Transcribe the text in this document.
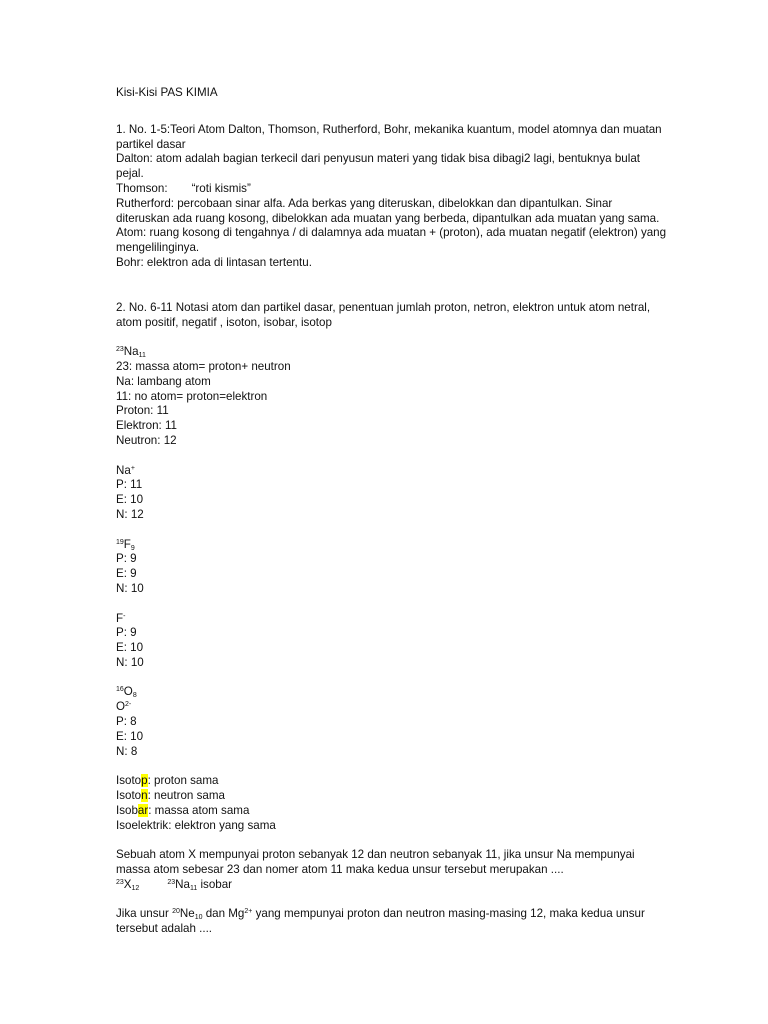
Kisi-Kisi PAS KIMIA
1. No. 1-5:Teori Atom Dalton, Thomson, Rutherford, Bohr, mekanika kuantum, model atomnya dan muatan partikel dasar
Dalton: atom adalah bagian terkecil dari penyusun materi yang tidak bisa dibagi2 lagi, bentuknya bulat pejal.
Thomson: “roti kismis”
Rutherford: percobaan sinar alfa. Ada berkas yang diteruskan, dibelokkan dan dipantulkan. Sinar diteruskan ada ruang kosong, dibelokkan ada muatan yang berbeda, dipantulkan ada muatan yang sama. Atom: ruang kosong di tengahnya / di dalamnya ada muatan + (proton), ada muatan negatif (elektron) yang mengelilinginya.
Bohr: elektron ada di lintasan tertentu.
2. No. 6-11 Notasi atom dan partikel dasar, penentuan jumlah proton, netron, elektron untuk atom netral, atom positif, negatif , isoton, isobar, isotop
$^{23}Na_{11}$
23: massa atom= proton+ neutron
Na: lambang atom
11: no atom= proton=elektron
Proton: 11
Elektron: 11
Neutron: 12
Na+
P: 11
E: 10
N: 12
$^{19}F_9$
P: 9
E: 9
N: 10
F-
P: 9
E: 10
N: 10
$^{16}O_8$
$O^{2-}$
P: 8
E: 10
N: 8
Isotop: proton sama
Isoton: neutron sama
Isobar: massa atom sama
Isoelektrik: elektron yang sama
Sebuah atom X mempunyai proton sebanyak 12 dan neutron sebanyak 11, jika unsur Na mempunyai massa atom sebesar 23 dan nomer atom 11 maka kedua unsur tersebut merupakan ....
$^{23}X_{12}^{23}Na_{11}$ isobar
Jika unsur $^{20}Ne_{10}$ dan $Mg^{2+}$ yang mempunyai proton dan neutron masing-masing 12, maka kedua unsur tersebut adalah ....
